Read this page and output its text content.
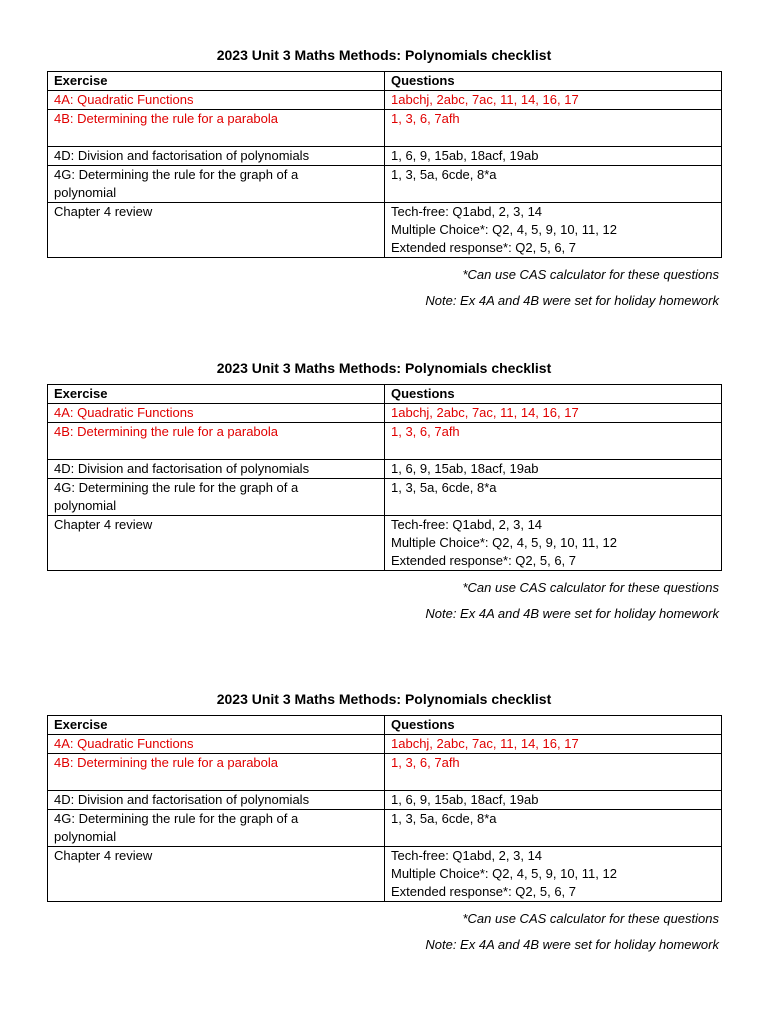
2023 Unit 3 Maths Methods: Polynomials checklist
Exercise	Questions

4A: Quadratic Functions	1abchj, 2abc, 7ac, 11, 14, 16, 17

4B: Determining the rule for a parabola	1, 3, 6, 7afh

4D: Division and factorisation of polynomials	1, 6, 9, 15ab, 18acf, 19ab

4G: Determining the rule for the graph of a
polynomial	1, 3, 5a, 6cde, 8*a

Chapter 4 review	Tech-free: Q1abd, 2, 3, 14
Multiple Choice*: Q2, 4, 5, 9, 10, 11, 12
Extended response*: Q2, 5, 6, 7
*Can use CAS calculator for these questions
Note: Ex 4A and 4B were set for holiday homework
2023 Unit 3 Maths Methods: Polynomials checklist
Exercise	Questions

4A: Quadratic Functions	1abchj, 2abc, 7ac, 11, 14, 16, 17

4B: Determining the rule for a parabola	1, 3, 6, 7afh

4D: Division and factorisation of polynomials	1, 6, 9, 15ab, 18acf, 19ab

4G: Determining the rule for the graph of a
polynomial	1, 3, 5a, 6cde, 8*a

Chapter 4 review	Tech-free: Q1abd, 2, 3, 14
Multiple Choice*: Q2, 4, 5, 9, 10, 11, 12
Extended response*: Q2, 5, 6, 7
*Can use CAS calculator for these questions
Note: Ex 4A and 4B were set for holiday homework
2023 Unit 3 Maths Methods: Polynomials checklist
Exercise	Questions

4A: Quadratic Functions	1abchj, 2abc, 7ac, 11, 14, 16, 17

4B: Determining the rule for a parabola	1, 3, 6, 7afh

4D: Division and factorisation of polynomials	1, 6, 9, 15ab, 18acf, 19ab

4G: Determining the rule for the graph of a
polynomial	1, 3, 5a, 6cde, 8*a

Chapter 4 review	Tech-free: Q1abd, 2, 3, 14
Multiple Choice*: Q2, 4, 5, 9, 10, 11, 12
Extended response*: Q2, 5, 6, 7
*Can use CAS calculator for these questions
Note: Ex 4A and 4B were set for holiday homework
